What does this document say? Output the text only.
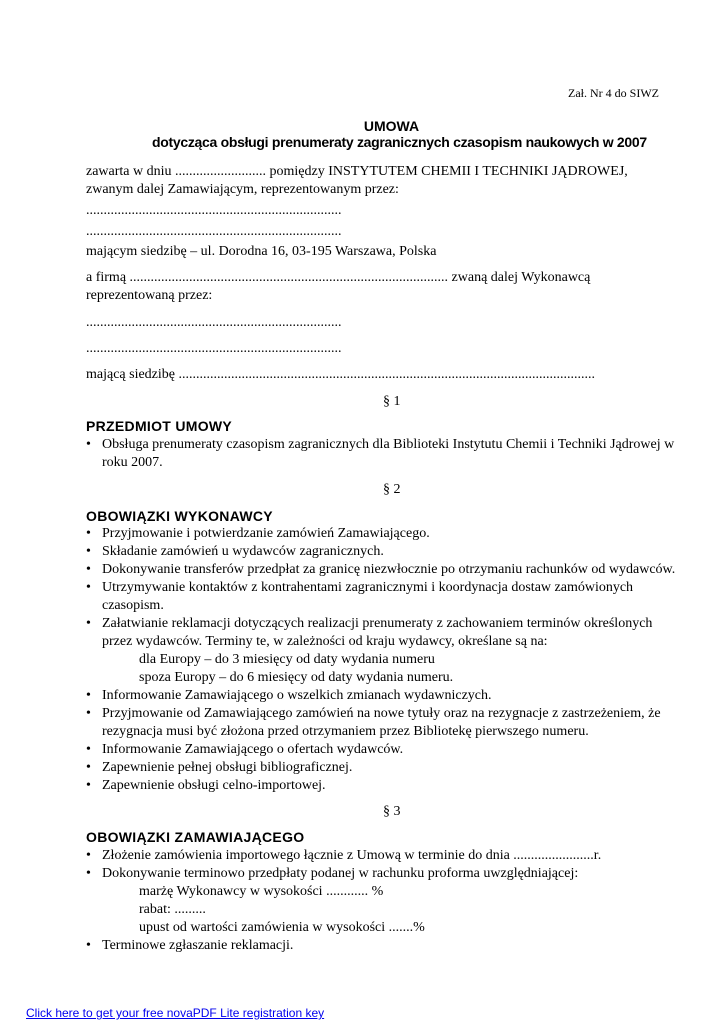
Zał. Nr 4 do SIWZ
UMOWA
dotycząca obsługi prenumeraty zagranicznych czasopism naukowych w 2007
zawarta w dniu .......................... pomiędzy INSTYTUTEM CHEMII I TECHNIKI JĄDROWEJ,
zwanym dalej Zamawiającym, reprezentowanym przez:
.........................................................................
.........................................................................
mającym siedzibę – ul. Dorodna 16, 03-195 Warszawa, Polska
a firmą ........................................................................................... zwaną dalej Wykonawcą
reprezentowaną przez:
.........................................................................
.........................................................................
mającą siedzibę .......................................................................................................................
§ 1
PRZEDMIOT UMOWY
• Obsługa prenumeraty czasopism zagranicznych dla Biblioteki Instytutu Chemii i Techniki Jądrowej w
roku 2007.
§ 2
OBOWIĄZKI WYKONAWCY
• Przyjmowanie i potwierdzanie zamówień Zamawiającego.
• Składanie zamówień u wydawców zagranicznych.
• Dokonywanie transferów przedpłat za granicę niezwłocznie po otrzymaniu rachunków od wydawców.
• Utrzymywanie kontaktów z kontrahentami zagranicznymi i koordynacja dostaw zamówionych
czasopism.
• Załatwianie reklamacji dotyczących realizacji prenumeraty z zachowaniem terminów określonych
przez wydawców. Terminy te, w zależności od kraju wydawcy, określane są na:
dla Europy – do 3 miesięcy od daty wydania numeru
spoza Europy – do 6 miesięcy od daty wydania numeru.
• Informowanie Zamawiającego o wszelkich zmianach wydawniczych.
• Przyjmowanie od Zamawiającego zamówień na nowe tytuły oraz na rezygnacje z zastrzeżeniem, że
rezygnacja musi być złożona przed otrzymaniem przez Bibliotekę pierwszego numeru.
• Informowanie Zamawiającego o ofertach wydawców.
• Zapewnienie pełnej obsługi bibliograficznej.
• Zapewnienie obsługi celno-importowej.
§ 3
OBOWIĄZKI ZAMAWIAJĄCEGO
• Złożenie zamówienia importowego łącznie z Umową w terminie do dnia .......................r.
• Dokonywanie terminowo przedpłaty podanej w rachunku proforma uwzględniającej:
marżę Wykonawcy w wysokości ............ %
rabat: .........
upust od wartości zamówienia w wysokości .......%
• Terminowe zgłaszanie reklamacji.
Click here to get your free novaPDF Lite registration key
